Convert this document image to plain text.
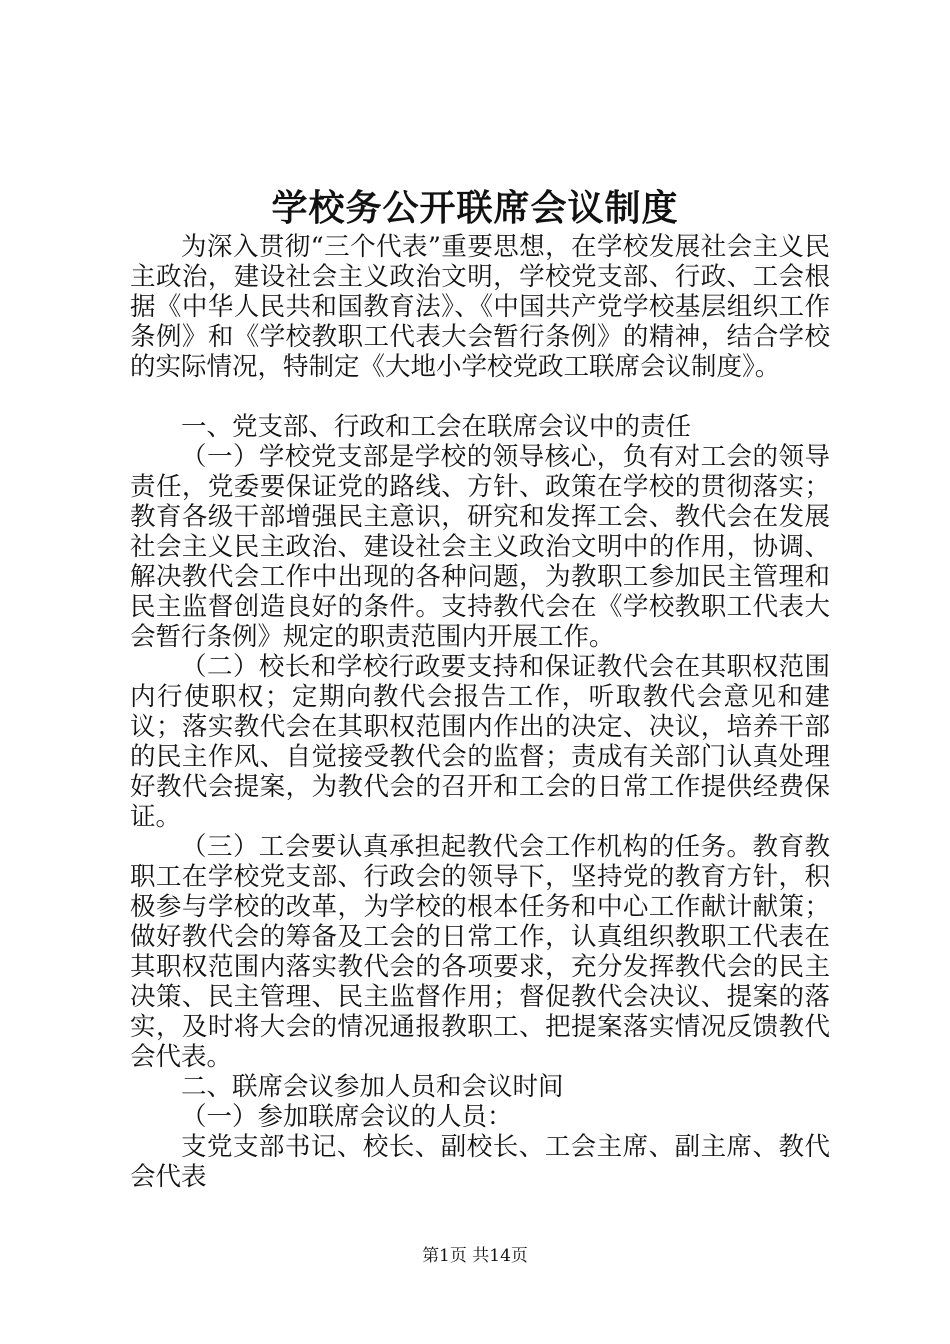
学校务公开联席会议制度

为深入贯彻“三个代表”重要思想，在学校发展社会主义民主政治，建设社会主义政治文明，学校党支部、行政、工会根据《中华人民共和国教育法》、《中国共产党学校基层组织工作条例》和《学校教职工代表大会暂行条例》的精神，结合学校的实际情况，特制定《大地小学校党政工联席会议制度》。

一、党支部、行政和工会在联席会议中的责任

（一）学校党支部是学校的领导核心，负有对工会的领导责任，党委要保证党的路线、方针、政策在学校的贯彻落实；教育各级干部增强民主意识，研究和发挥工会、教代会在发展社会主义民主政治、建设社会主义政治文明中的作用，协调、解决教代会工作中出现的各种问题，为教职工参加民主管理和民主监督创造良好的条件。支持教代会在《学校教职工代表大会暂行条例》规定的职责范围内开展工作。

（二）校长和学校行政要支持和保证教代会在其职权范围内行使职权；定期向教代会报告工作，听取教代会意见和建议；落实教代会在其职权范围内作出的决定、决议，培养干部的民主作风、自觉接受教代会的监督；责成有关部门认真处理好教代会提案，为教代会的召开和工会的日常工作提供经费保证。

（三）工会要认真承担起教代会工作机构的任务。教育教职工在学校党支部、行政会的领导下，坚持党的教育方针，积极参与学校的改革，为学校的根本任务和中心工作献计献策；做好教代会的筹备及工会的日常工作，认真组织教职工代表在其职权范围内落实教代会的各项要求，充分发挥教代会的民主决策、民主管理、民主监督作用；督促教代会决议、提案的落实，及时将大会的情况通报教职工、把提案落实情况反馈教代会代表。

二、联席会议参加人员和会议时间

（一）参加联席会议的人员：

支党支部书记、校长、副校长、工会主席、副主席、教代会代表

第1页 共14页
